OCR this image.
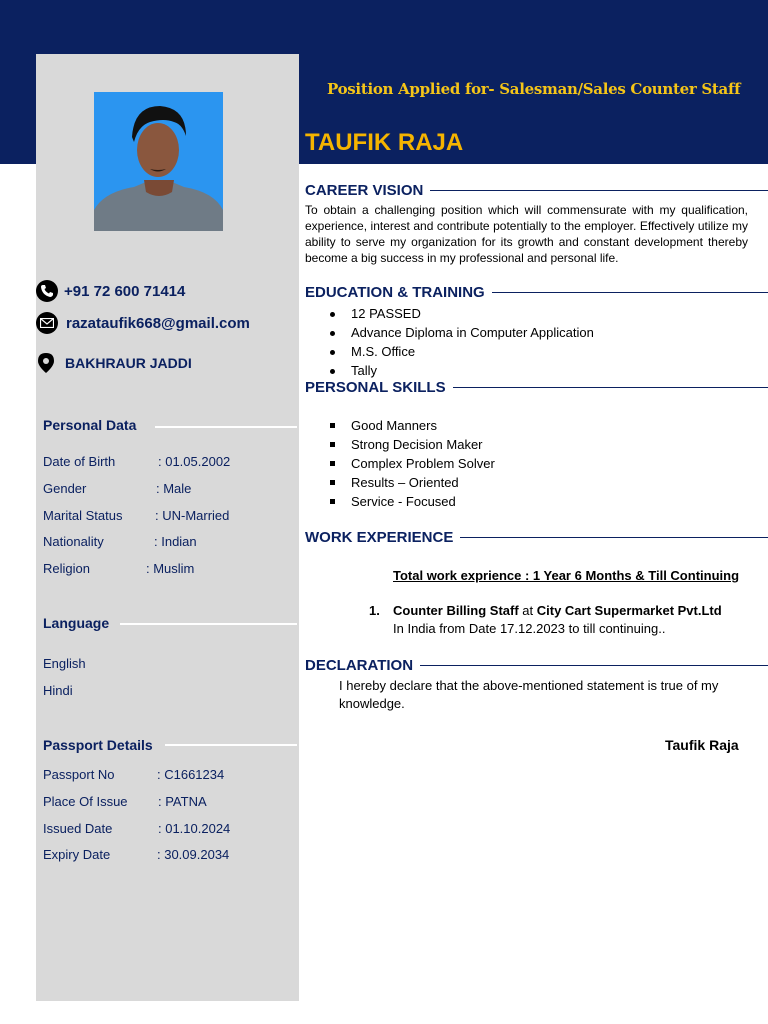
+91 72 600 71414
razataufik668@gmail.com
BAKHRAUR JADDI
Personal Data
Date of Birth	: 01.05.2002
Gender	: Male
Marital Status	: UN-Married
Nationality	: Indian
Religion	: Muslim
Language
English
Hindi
Passport Details
Passport No	: C1661234
Place Of Issue : PATNA
Issued Date	: 01.10.2024
Expiry Date	: 30.09.2034
Position Applied for- Salesman/Sales Counter Staff
TAUFIK RAJA
CAREER VISION
To obtain a challenging position which will commensurate with my qualification, experience, interest and contribute potentially to the employer. Effectively utilize my ability to serve my organization for its growth and constant development thereby become a big success in my professional and personal life.
EDUCATION & TRAINING
12 PASSED
Advance Diploma in Computer Application
M.S. Office
Tally
PERSONAL SKILLS
Good Manners
Strong Decision Maker
Complex Problem Solver
Results – Oriented
Service - Focused
WORK EXPERIENCE
Total work exprience : 1 Year 6 Months & Till Continuing
1. Counter Billing Staff at City Cart Supermarket Pvt.Ltd
In India from Date 17.12.2023 to till continuing..
DECLARATION
I hereby declare that the above-mentioned statement is true of my knowledge.
Taufik Raja
